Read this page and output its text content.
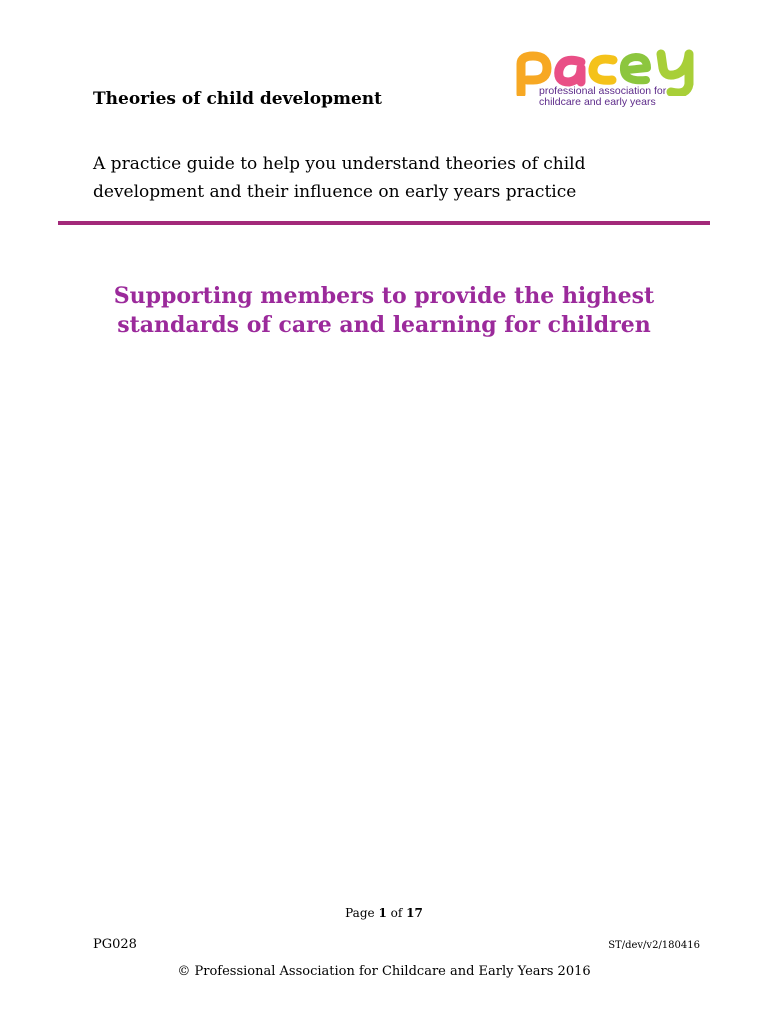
professional association for
childcare and early years
Theories of child development

A practice guide to help you understand theories of child development and their influence on early years practice

Supporting members to provide the highest standards of care and learning for children
Page 1 of 17
PG028	ST/dev/v2/180416
© Professional Association for Childcare and Early Years 2016
